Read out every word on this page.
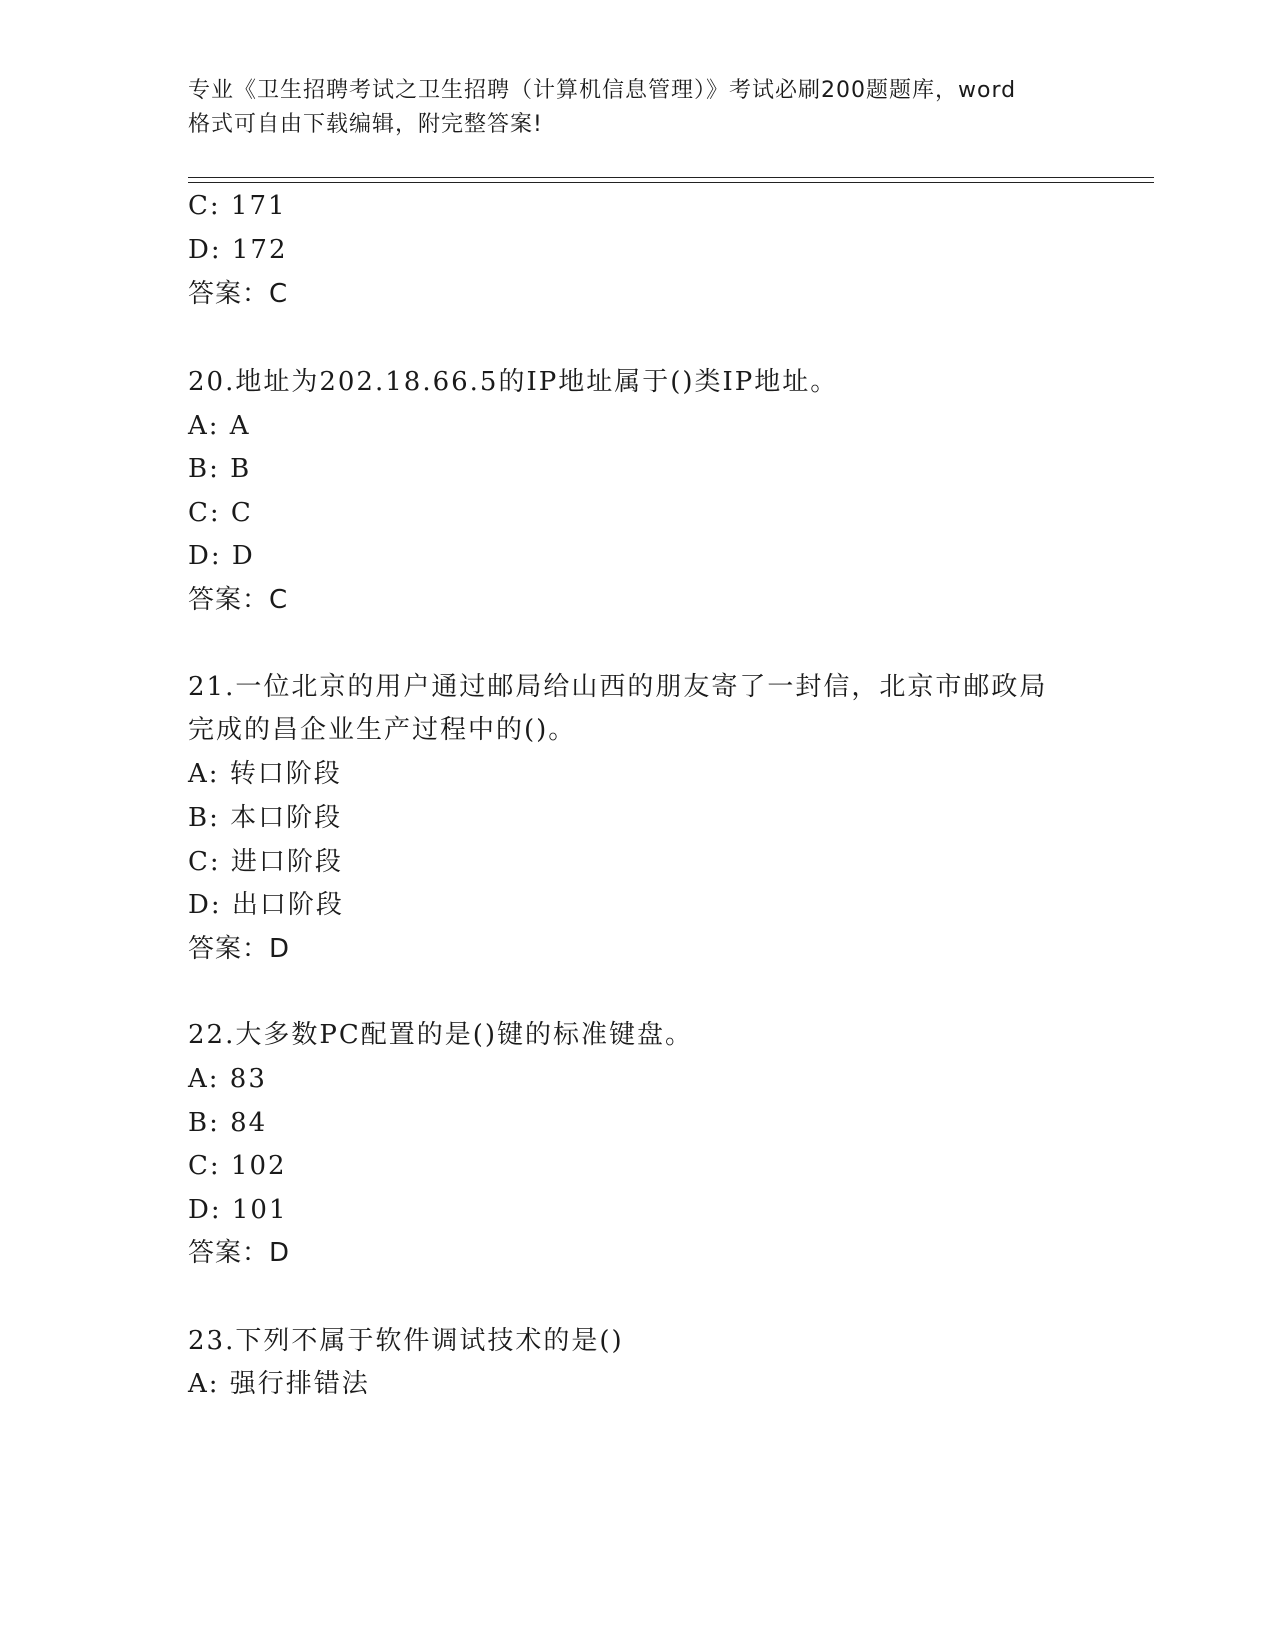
专业《卫生招聘考试之卫生招聘（计算机信息管理）》考试必刷200题题库，word
格式可自由下载编辑，附完整答案!
C: 171
D: 172
答案：C
20.地址为202.18.66.5的IP地址属于()类IP地址。
A: A
B: B
C: C
D: D
答案：C
21.一位北京的用户通过邮局给山西的朋友寄了一封信，北京市邮政局
完成的昌企业生产过程中的()。
A: 转口阶段
B: 本口阶段
C: 进口阶段
D: 出口阶段
答案：D
22.大多数PC配置的是()键的标准键盘。
A: 83
B: 84
C: 102
D: 101
答案：D
23.下列不属于软件调试技术的是()
A: 强行排错法
